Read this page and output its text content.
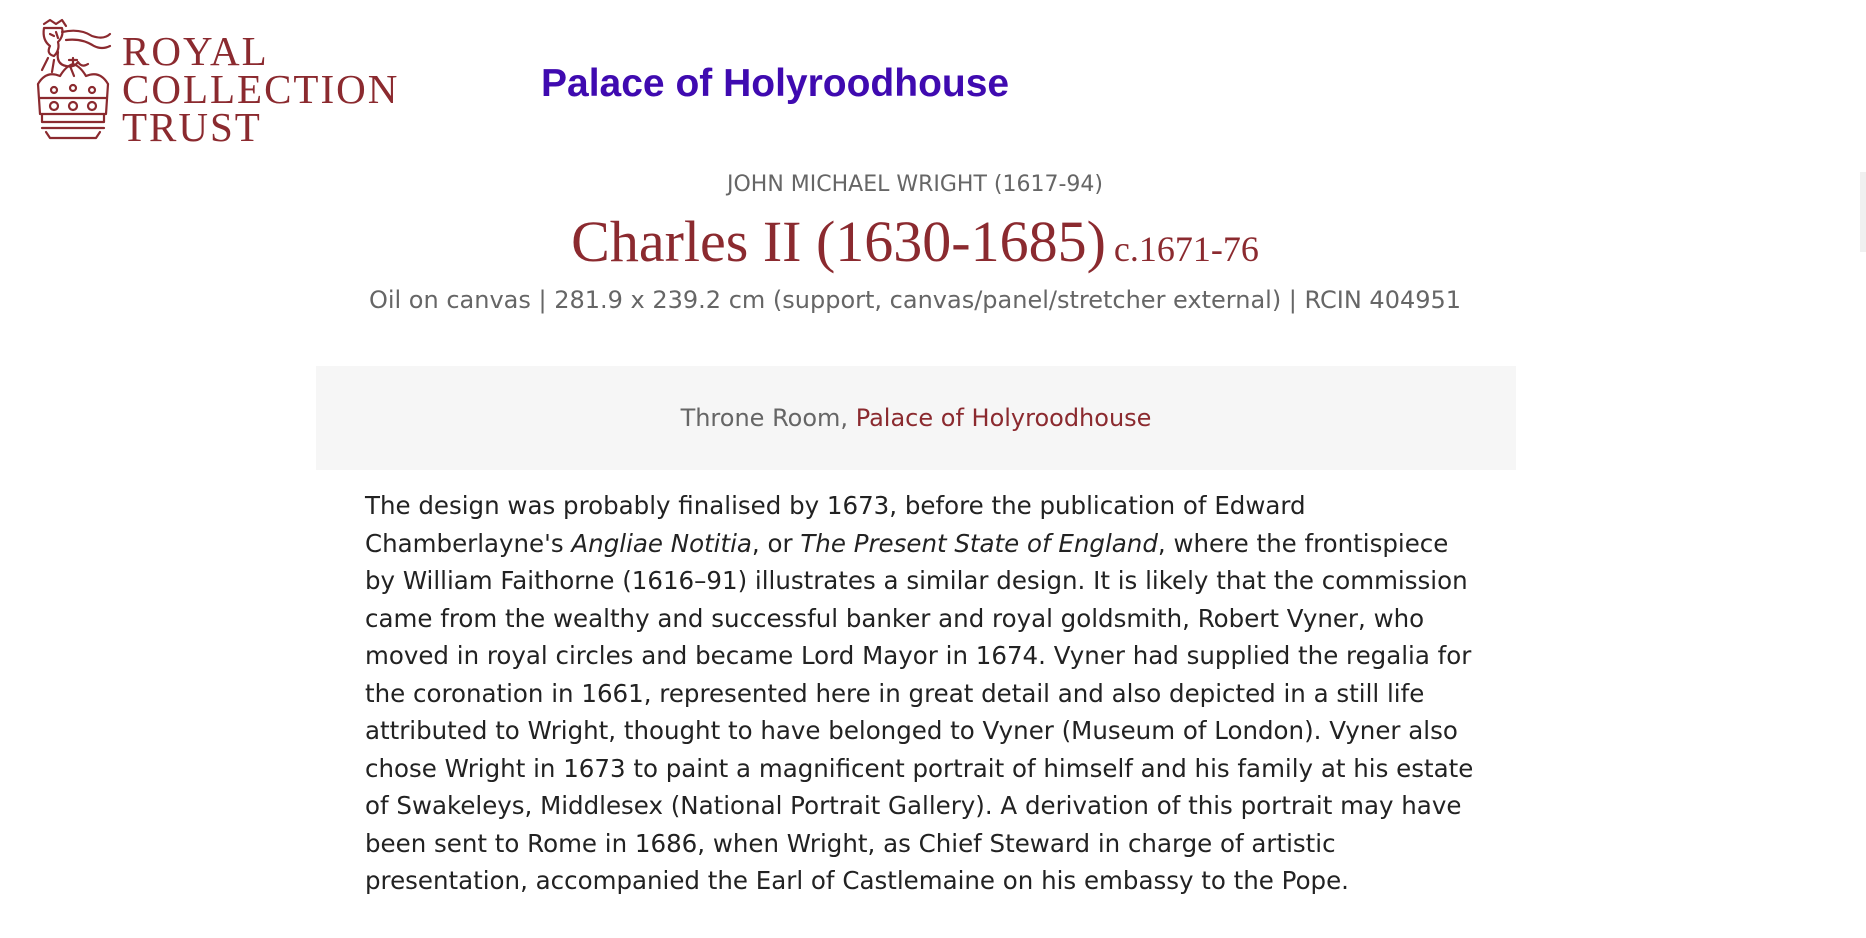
ROYAL
COLLECTION
TRUST
Palace of Holyroodhouse
JOHN MICHAEL WRIGHT (1617-94)
Charles II (1630-1685) c.1671-76
Oil on canvas | 281.9 x 239.2 cm (support, canvas/panel/stretcher external) | RCIN 404951
Throne Room,
Palace of Holyroodhouse

The design was probably finalised by 1673, before the publication of Edward Chamberlayne's Angliae Notitia, or The Present State of England, where the frontispiece by William Faithorne (1616–91) illustrates a similar design. It is likely that the commission came from the wealthy and successful banker and royal goldsmith, Robert Vyner, who moved in royal circles and became Lord Mayor in 1674. Vyner had supplied the regalia for the coronation in 1661, represented here in great detail and also depicted in a still life attributed to Wright, thought to have belonged to Vyner (Museum of London). Vyner also chose Wright in 1673 to paint a magnificent portrait of himself and his family at his estate of Swakeleys, Middlesex (National Portrait Gallery). A derivation of this portrait may have been sent to Rome in 1686, when Wright, as Chief Steward in charge of artistic presentation, accompanied the Earl of Castlemaine on his embassy to the Pope.
